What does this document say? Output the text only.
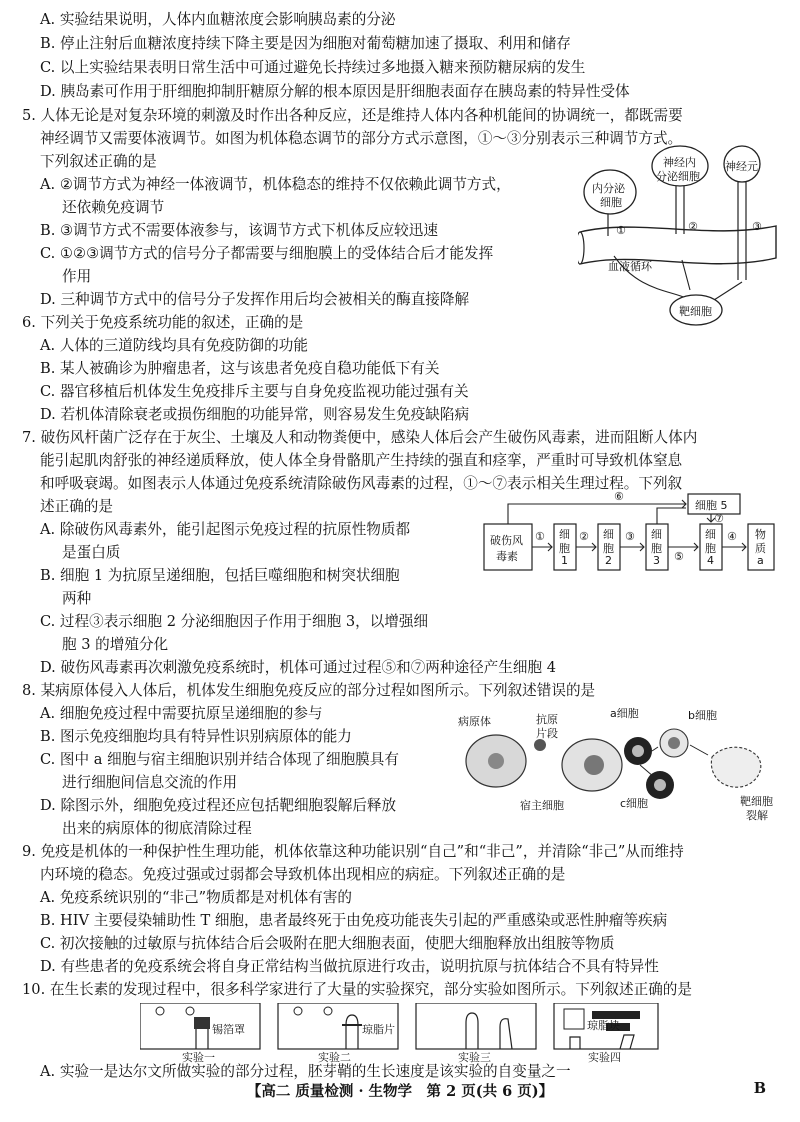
A. 实验结果说明，人体内血糖浓度会影响胰岛素的分泌
B. 停止注射后血糖浓度持续下降主要是因为细胞对葡萄糖加速了摄取、利用和储存
C. 以上实验结果表明日常生活中可通过避免长持续过多地摄入糖来预防糖尿病的发生
D. 胰岛素可作用于肝细胞抑制肝糖原分解的根本原因是肝细胞表面存在胰岛素的特异性受体
5. 人体无论是对复杂环境的刺激及时作出各种反应，还是维持人体内各种机能间的协调统一，都既需要
神经调节又需要体液调节。如图为机体稳态调节的部分方式示意图，①～③分别表示三种调节方式。
下列叙述正确的是
A. ②调节方式为神经一体液调节，机体稳态的维持不仅依赖此调节方式，
还依赖免疫调节
B. ③调节方式不需要体液参与，该调节方式下机体反应较迅速
C. ①②③调节方式的信号分子都需要与细胞膜上的受体结合后才能发挥
作用
D. 三种调节方式中的信号分子发挥作用后均会被相关的酶直接降解
6. 下列关于免疫系统功能的叙述，正确的是
A. 人体的三道防线均具有免疫防御的功能
B. 某人被确诊为肿瘤患者，这与该患者免疫自稳功能低下有关
C. 器官移植后机体发生免疫排斥主要与自身免疫监视功能过强有关
D. 若机体清除衰老或损伤细胞的功能异常，则容易发生免疫缺陷病
7. 破伤风杆菌广泛存在于灰尘、土壤及人和动物粪便中，感染人体后会产生破伤风毒素，进而阻断人体内
能引起肌肉舒张的神经递质释放，使人体全身骨骼肌产生持续的强直和痉挛，严重时可导致机体窒息
和呼吸衰竭。如图表示人体通过免疫系统清除破伤风毒素的过程，①～⑦表示相关生理过程。下列叙
述正确的是
A. 除破伤风毒素外，能引起图示免疫过程的抗原性物质都
是蛋白质
B. 细胞 1 为抗原呈递细胞，包括巨噬细胞和树突状细胞
两种
C. 过程③表示细胞 2 分泌细胞因子作用于细胞 3，以增强细
胞 3 的增殖分化
D. 破伤风毒素再次刺激免疫系统时，机体可通过过程⑤和⑦两种途径产生细胞 4
8. 某病原体侵入人体后，机体发生细胞免疫反应的部分过程如图所示。下列叙述错误的是
A. 细胞免疫过程中需要抗原呈递细胞的参与
B. 图示免疫细胞均具有特异性识别病原体的能力
C. 图中 a 细胞与宿主细胞识别并结合体现了细胞膜具有
进行细胞间信息交流的作用
D. 除图示外，细胞免疫过程还应包括靶细胞裂解后释放
出来的病原体的彻底清除过程
9. 免疫是机体的一种保护性生理功能，机体依靠这种功能识别“自己”和“非己”，并清除“非己”从而维持
内环境的稳态。免疫过强或过弱都会导致机体出现相应的病症。下列叙述正确的是
A. 免疫系统识别的“非己”物质都是对机体有害的
B. HIV 主要侵染辅助性 T 细胞，患者最终死于由免疫功能丧失引起的严重感染或恶性肿瘤等疾病
C. 初次接触的过敏原与抗体结合后会吸附在肥大细胞表面，使肥大细胞释放出组胺等物质
D. 有些患者的免疫系统会将自身正常结构当做抗原进行攻击，说明抗原与抗体结合不具有特异性
10. 在生长素的发现过程中，很多科学家进行了大量的实验探究，部分实验如图所示。下列叙述正确的是
A. 实验一是达尔文所做实验的部分过程，胚芽鞘的生长速度是该实验的自变量之一
内分泌
细胞
神经内
分泌细胞
神经元
①	②	③
血液循环
靶细胞
破伤风
毒素
细
胞
1
细
胞
2
细
胞
3
细
胞
4
细胞 5
物
质
a
①	②	③
⑤
④
⑥
⑦
病原体	抗原
片段
a细胞	b细胞
c细胞
宿主细胞	靶细胞
裂解
锡箔罩	琼脂片	琼脂块
实验一	实验二	实验三	实验四
【高二 质量检测 · 生物学　第 2 页(共 6 页)】	B
